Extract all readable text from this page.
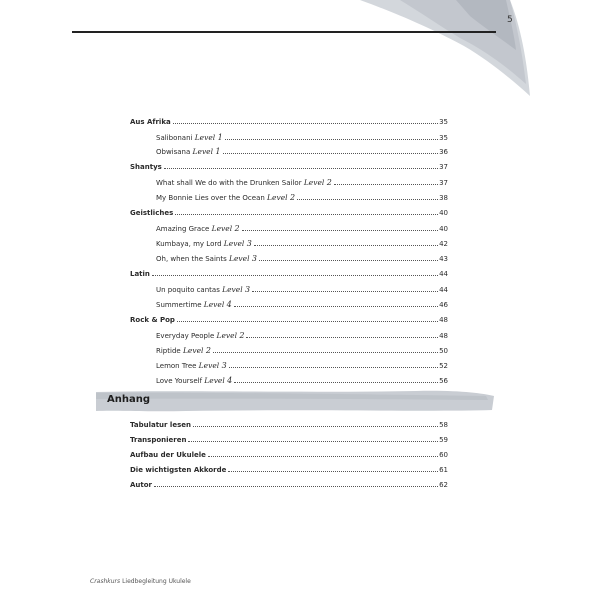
5
Aus Afrika	35
Salibonani Level 1	35
Obwisana Level 1	36
Shantys	37
What shall We do with the Drunken Sailor Level 2	37
My Bonnie Lies over the Ocean Level 2	38
Geistliches	40
Amazing Grace Level 2	40
Kumbaya, my Lord Level 3	42
Oh, when the Saints Level 3	43
Latin	44
Un poquito cantas Level 3	44
Summertime Level 4	46
Rock & Pop	48
Everyday People Level 2	48
Riptide Level 2	50
Lemon Tree Level 3	52
Love Yourself Level 4	56
Anhang
Tabulatur lesen	58
Transponieren	59
Aufbau der Ukulele	60
Die wichtigsten Akkorde	61
Autor	62
Crashkurs Liedbegleitung Ukulele
